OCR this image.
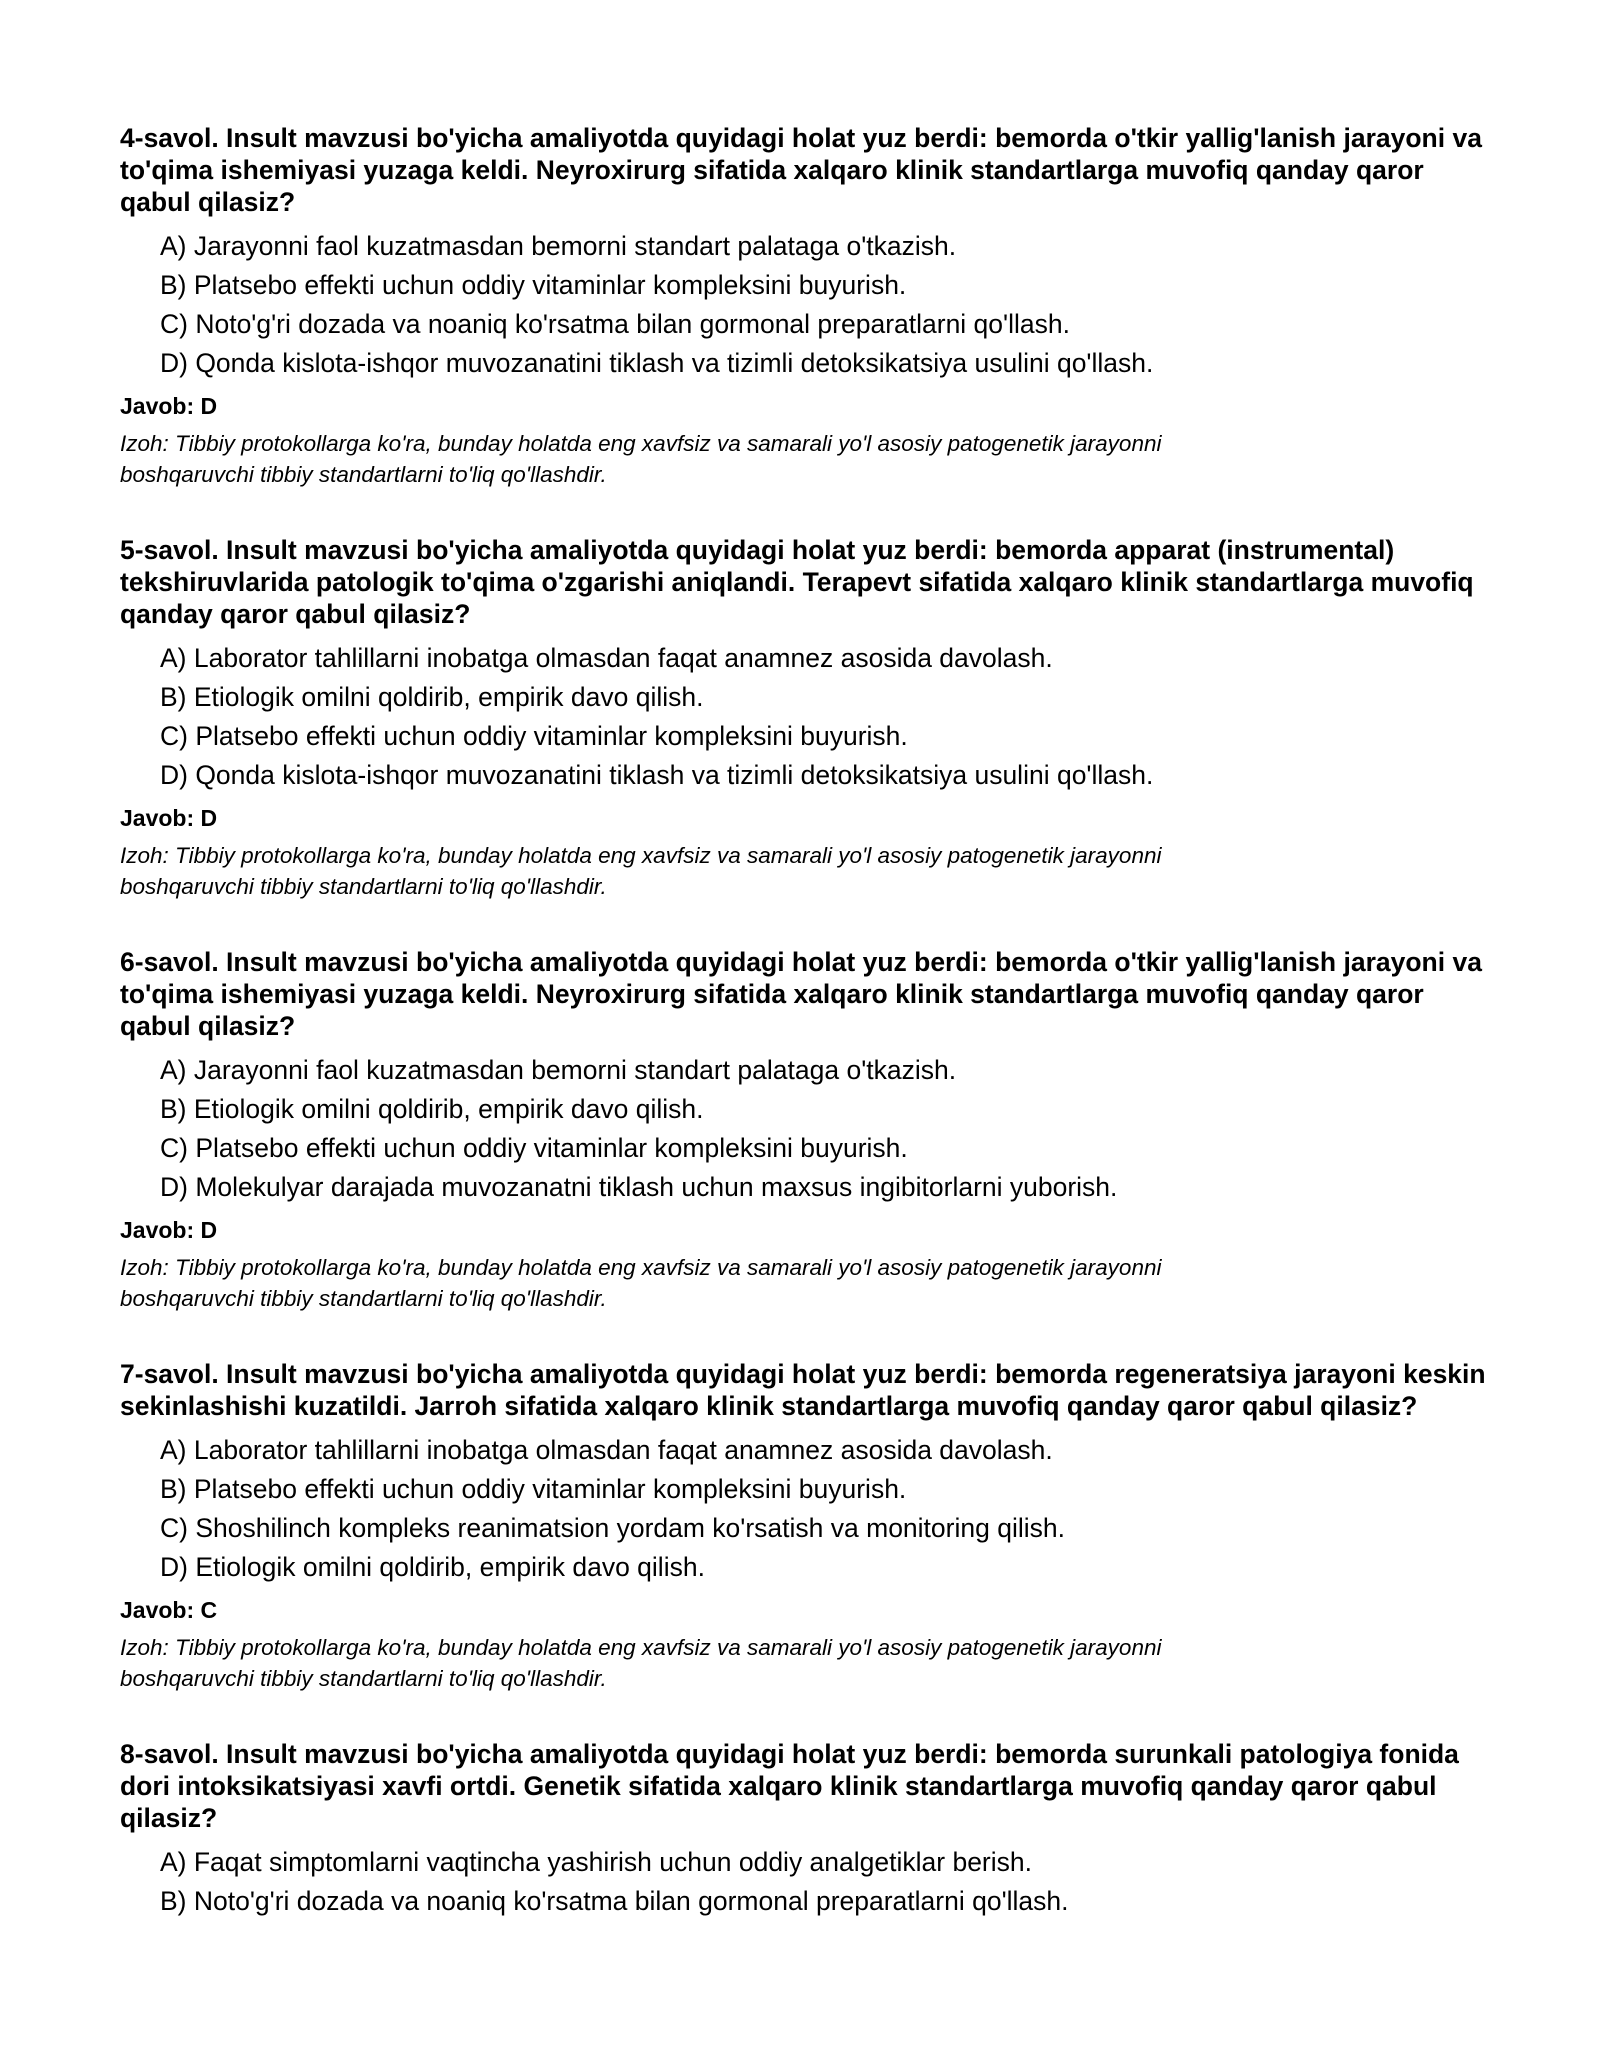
4-savol. Insult mavzusi bo'yicha amaliyotda quyidagi holat yuz berdi: bemorda o'tkir yallig'lanish jarayoni va to'qima ishemiyasi yuzaga keldi. Neyroxirurg sifatida xalqaro klinik standartlarga muvofiq qanday qaror qabul qilasiz?

A) Jarayonni faol kuzatmasdan bemorni standart palataga o'tkazish.
B) Platsebo effekti uchun oddiy vitaminlar kompleksini buyurish.
C) Noto'g'ri dozada va noaniq ko'rsatma bilan gormonal preparatlarni qo'llash.
D) Qonda kislota-ishqor muvozanatini tiklash va tizimli detoksikatsiya usulini qo'llash.

Javob: D

Izoh: Tibbiy protokollarga ko'ra, bunday holatda eng xavfsiz va samarali yo'l asosiy patogenetik jarayonni
boshqaruvchi tibbiy standartlarni to'liq qo'llashdir.

5-savol. Insult mavzusi bo'yicha amaliyotda quyidagi holat yuz berdi: bemorda apparat (instrumental) tekshiruvlarida patologik to'qima o'zgarishi aniqlandi. Terapevt sifatida xalqaro klinik standartlarga muvofiq qanday qaror qabul qilasiz?

A) Laborator tahlillarni inobatga olmasdan faqat anamnez asosida davolash.
B) Etiologik omilni qoldirib, empirik davo qilish.
C) Platsebo effekti uchun oddiy vitaminlar kompleksini buyurish.
D) Qonda kislota-ishqor muvozanatini tiklash va tizimli detoksikatsiya usulini qo'llash.

Javob: D

Izoh: Tibbiy protokollarga ko'ra, bunday holatda eng xavfsiz va samarali yo'l asosiy patogenetik jarayonni
boshqaruvchi tibbiy standartlarni to'liq qo'llashdir.

6-savol. Insult mavzusi bo'yicha amaliyotda quyidagi holat yuz berdi: bemorda o'tkir yallig'lanish jarayoni va to'qima ishemiyasi yuzaga keldi. Neyroxirurg sifatida xalqaro klinik standartlarga muvofiq qanday qaror qabul qilasiz?

A) Jarayonni faol kuzatmasdan bemorni standart palataga o'tkazish.
B) Etiologik omilni qoldirib, empirik davo qilish.
C) Platsebo effekti uchun oddiy vitaminlar kompleksini buyurish.
D) Molekulyar darajada muvozanatni tiklash uchun maxsus ingibitorlarni yuborish.

Javob: D

Izoh: Tibbiy protokollarga ko'ra, bunday holatda eng xavfsiz va samarali yo'l asosiy patogenetik jarayonni
boshqaruvchi tibbiy standartlarni to'liq qo'llashdir.

7-savol. Insult mavzusi bo'yicha amaliyotda quyidagi holat yuz berdi: bemorda regeneratsiya jarayoni keskin sekinlashishi kuzatildi. Jarroh sifatida xalqaro klinik standartlarga muvofiq qanday qaror qabul qilasiz?

A) Laborator tahlillarni inobatga olmasdan faqat anamnez asosida davolash.
B) Platsebo effekti uchun oddiy vitaminlar kompleksini buyurish.
C) Shoshilinch kompleks reanimatsion yordam ko'rsatish va monitoring qilish.
D) Etiologik omilni qoldirib, empirik davo qilish.

Javob: C

Izoh: Tibbiy protokollarga ko'ra, bunday holatda eng xavfsiz va samarali yo'l asosiy patogenetik jarayonni
boshqaruvchi tibbiy standartlarni to'liq qo'llashdir.

8-savol. Insult mavzusi bo'yicha amaliyotda quyidagi holat yuz berdi: bemorda surunkali patologiya fonida dori intoksikatsiyasi xavfi ortdi. Genetik sifatida xalqaro klinik standartlarga muvofiq qanday qaror qabul qilasiz?

A) Faqat simptomlarni vaqtincha yashirish uchun oddiy analgetiklar berish.
B) Noto'g'ri dozada va noaniq ko'rsatma bilan gormonal preparatlarni qo'llash.
